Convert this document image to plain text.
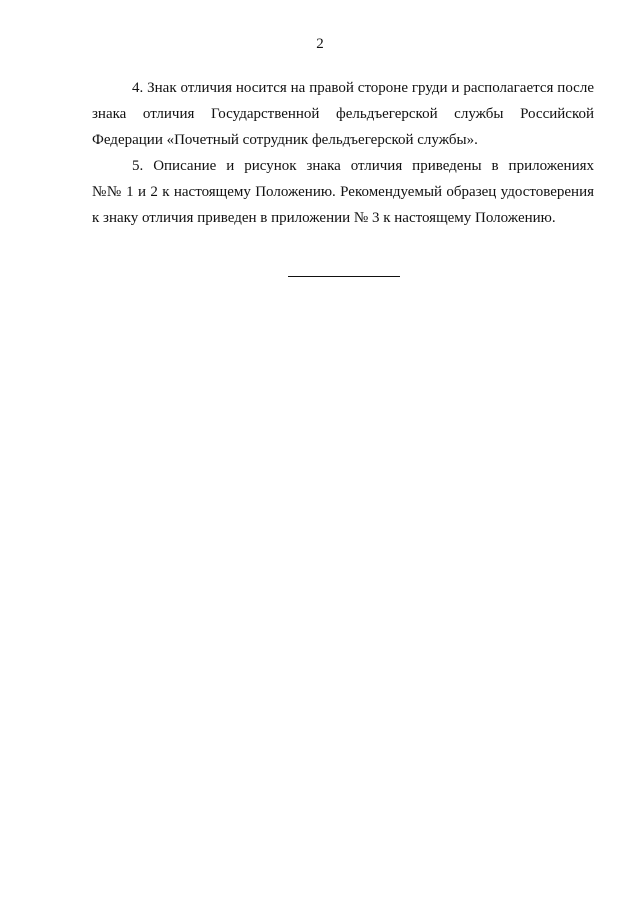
2

4. Знак отличия носится на правой стороне груди и располагается после
знака отличия Государственной фельдъегерской службы Российской
Федерации «Почетный сотрудник фельдъегерской службы».

5. Описание и рисунок знака отличия приведены в приложениях
№№ 1 и 2 к настоящему Положению. Рекомендуемый образец удостоверения
к знаку отличия приведен в приложении № 3 к настоящему Положению.
